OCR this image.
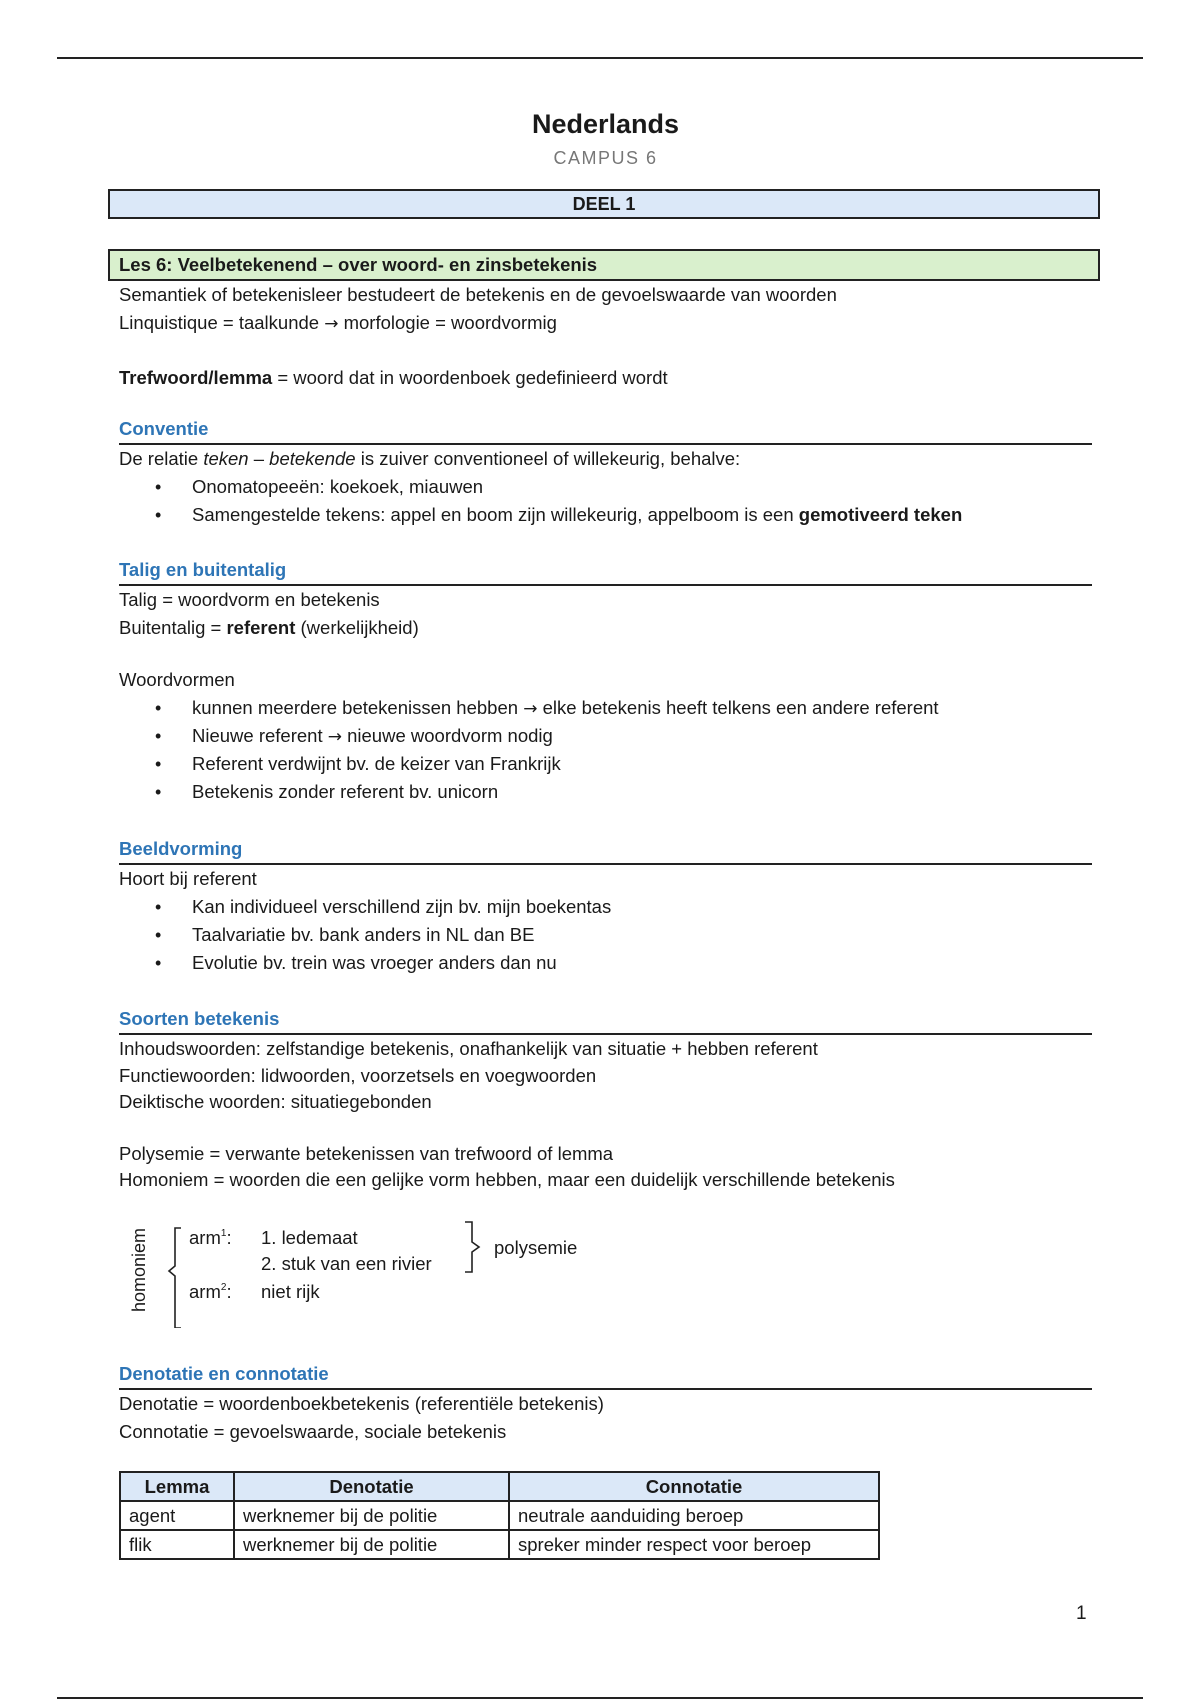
Nederlands
CAMPUS 6
DEEL 1
Les 6: Veelbetekenend – over woord- en zinsbetekenis
Semantiek of betekenisleer bestudeert de betekenis en de gevoelswaarde van woorden
Linquistique = taalkunde → morfologie = woordvormig
Trefwoord/lemma = woord dat in woordenboek gedefinieerd wordt
Conventie
De relatie teken – betekende is zuiver conventioneel of willekeurig, behalve:
• Onomatopeeën: koekoek, miauwen
• Samengestelde tekens: appel en boom zijn willekeurig, appelboom is een gemotiveerd teken
Talig en buitentalig
Talig = woordvorm en betekenis
Buitentalig = referent (werkelijkheid)
Woordvormen
• kunnen meerdere betekenissen hebben → elke betekenis heeft telkens een andere referent
• Nieuwe referent → nieuwe woordvorm nodig
• Referent verdwijnt bv. de keizer van Frankrijk
• Betekenis zonder referent bv. unicorn
Beeldvorming
Hoort bij referent
• Kan individueel verschillend zijn bv. mijn boekentas
• Taalvariatie bv. bank anders in NL dan BE
• Evolutie bv. trein was vroeger anders dan nu
Soorten betekenis
Inhoudswoorden: zelfstandige betekenis, onafhankelijk van situatie + hebben referent
Functiewoorden: lidwoorden, voorzetsels en voegwoorden
Deiktische woorden: situatiegebonden
Polysemie = verwante betekenissen van trefwoord of lemma
Homoniem = woorden die een gelijke vorm hebben, maar een duidelijk verschillende betekenis
homoniem arm$^1$: 1. ledemaat
2. stuk van een rivier
arm$^2$: niet rijk
polysemie
Denotatie en connotatie
Denotatie = woordenboekbetekenis (referentiële betekenis)
Connotatie = gevoelswaarde, sociale betekenis
Lemma	Denotatie	Connotatie
agent	werknemer bij de politie	neutrale aanduiding beroep
flik	werknemer bij de politie	spreker minder respect voor beroep
1
